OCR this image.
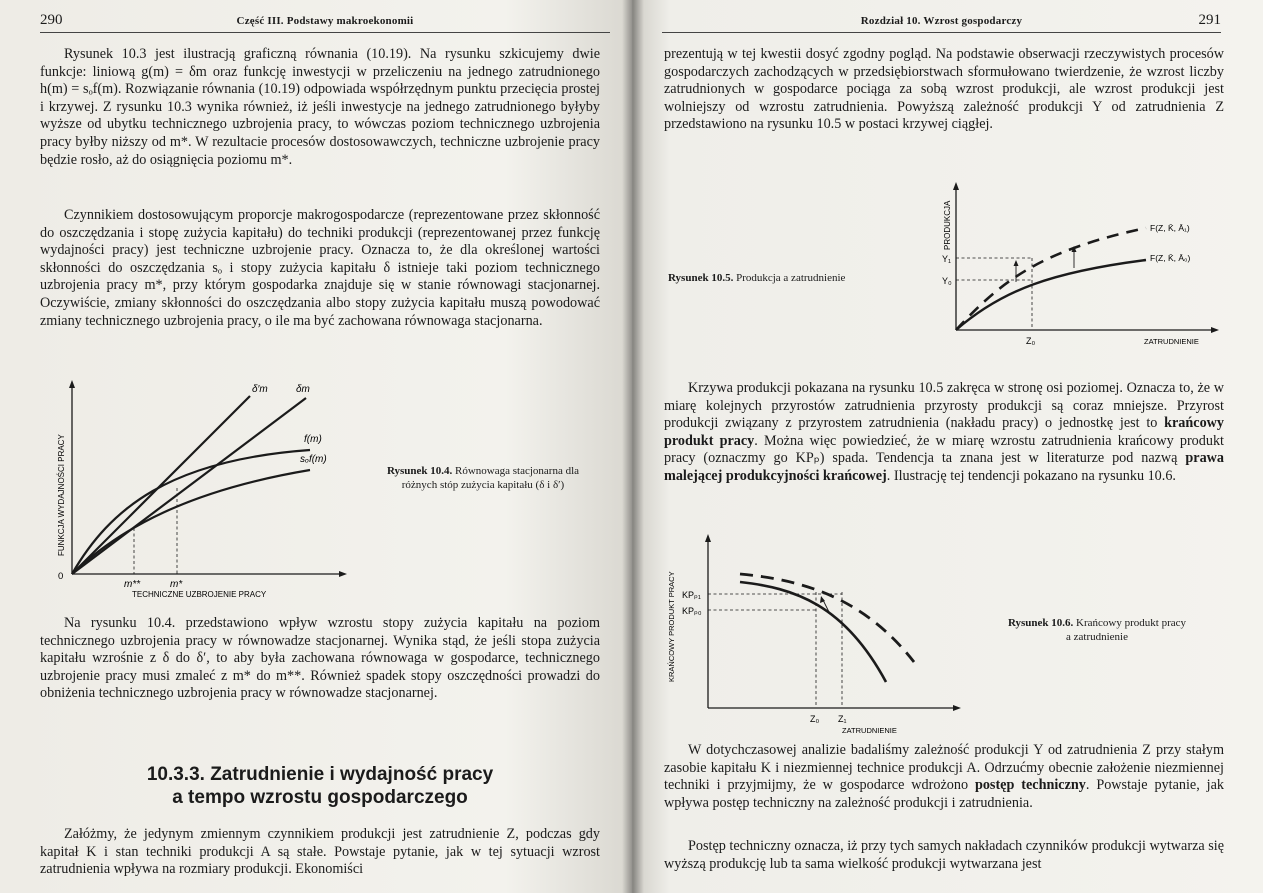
290	Część III. Podstawy makroekonomii

Rysunek 10.3 jest ilustracją graficzną równania (10.19). Na rysunku szkicujemy dwie funkcje: liniową g(m) = δm oraz funkcję inwestycji w przeliczeniu na jednego zatrudnionego h(m) = sₒf(m). Rozwiązanie równania (10.19) odpowiada współrzędnym punktu przecięcia prostej i krzywej. Z rysunku 10.3 wynika również, iż jeśli inwestycje na jednego zatrudnionego byłyby wyższe od ubytku technicznego uzbrojenia pracy, to wówczas poziom technicznego uzbrojenia pracy byłby niższy od m*. W rezultacie procesów dostosowawczych, techniczne uzbrojenie pracy będzie rosło, aż do osiągnięcia poziomu m*.

Czynnikiem dostosowującym proporcje makrogospodarcze (reprezentowane przez skłonność do oszczędzania i stopę zużycia kapitału) do techniki produkcji (reprezentowanej przez funkcję wydajności pracy) jest techniczne uzbrojenie pracy. Oznacza to, że dla określonej wartości skłonności do oszczędzania sₒ i stopy zużycia kapitału δ istnieje taki poziom technicznego uzbrojenia pracy m*, przy którym gospodarka znajduje się w stanie równowagi stacjonarnej. Oczywiście, zmiany skłonności do oszczędzania albo stopy zużycia kapitału muszą powodować zmiany technicznego uzbrojenia pracy, o ile ma być zachowana równowaga stacjonarna.

FUNKCJA WYDAJNOŚCI PRACY
0
δ′m	δm
f(m)
sₒf(m)
m**	m*
TECHNICZNE UZBROJENIE PRACY
Rysunek 10.4. Równowaga stacjonarna dla
różnych stóp zużycia kapitału (δ i δ′)

Na rysunku 10.4. przedstawiono wpływ wzrostu stopy zużycia kapitału na poziom technicznego uzbrojenia pracy w równowadze stacjonarnej. Wynika stąd, że jeśli stopa zużycia kapitału wzrośnie z δ do δ′, to aby była zachowana równowaga w gospodarce, technicznego uzbrojenie pracy musi zmaleć z m* do m**. Również spadek stopy oszczędności prowadzi do obniżenia technicznego uzbrojenia pracy w równowadze stacjonarnej.

10.3.3. Zatrudnienie i wydajność pracy
a tempo wzrostu gospodarczego

Załóżmy, że jedynym zmiennym czynnikiem produkcji jest zatrudnienie Z, podczas gdy kapitał K i stan techniki produkcji A są stałe. Powstaje pytanie, jak w tej sytuacji wzrost zatrudnienia wpływa na rozmiary produkcji. Ekonomiści

Rozdział 10. Wzrost gospodarczy	291

prezentują w tej kwestii dosyć zgodny pogląd. Na podstawie obserwacji rzeczywistych procesów gospodarczych zachodzących w przedsiębiorstwach sformułowano twierdzenie, że wzrost liczby zatrudnionych w gospodarce pociąga za sobą wzrost produkcji, ale wzrost produkcji jest wolniejszy od wzrostu zatrudnienia. Powyższą zależność produkcji Y od zatrudnienia Z przedstawiono na rysunku 10.5 w postaci krzywej ciągłej.

Rysunek 10.5. Produkcja a zatrudnienie
PRODUKCJA
Y₁
Y₀
Z₀	ZATRUDNIENIE
F(Z, K̄, Ā₁)
F(Z, K̄, Ā₀)

Krzywa produkcji pokazana na rysunku 10.5 zakręca w stronę osi poziomej. Oznacza to, że w miarę kolejnych przyrostów zatrudnienia przyrosty produkcji są coraz mniejsze. Przyrost produkcji związany z przyrostem zatrudnienia (nakładu pracy) o jednostkę jest to krańcowy produkt pracy. Można więc powiedzieć, że w miarę wzrostu zatrudnienia krańcowy produkt pracy (oznaczmy go KPₚ) spada. Tendencja ta znana jest w literaturze pod nazwą prawa malejącej produkcyjności krańcowej. Ilustrację tej tendencji pokazano na rysunku 10.6.

KRAŃCOWY PRODUKT PRACY KPₚ₁
KPₚ₀
Z₀ Z₁
ZATRUDNIENIE
Rysunek 10.6. Krańcowy produkt pracy
a zatrudnienie

W dotychczasowej analizie badaliśmy zależność produkcji Y od zatrudnienia Z przy stałym zasobie kapitału K i niezmiennej technice produkcji A. Odrzućmy obecnie założenie niezmiennej techniki i przyjmijmy, że w gospodarce wdrożono postęp techniczny. Powstaje pytanie, jak wpływa postęp techniczny na zależność produkcji i zatrudnienia.

Postęp techniczny oznacza, iż przy tych samych nakładach czynników produkcji wytwarza się wyższą produkcję lub ta sama wielkość produkcji wytwarzana jest
